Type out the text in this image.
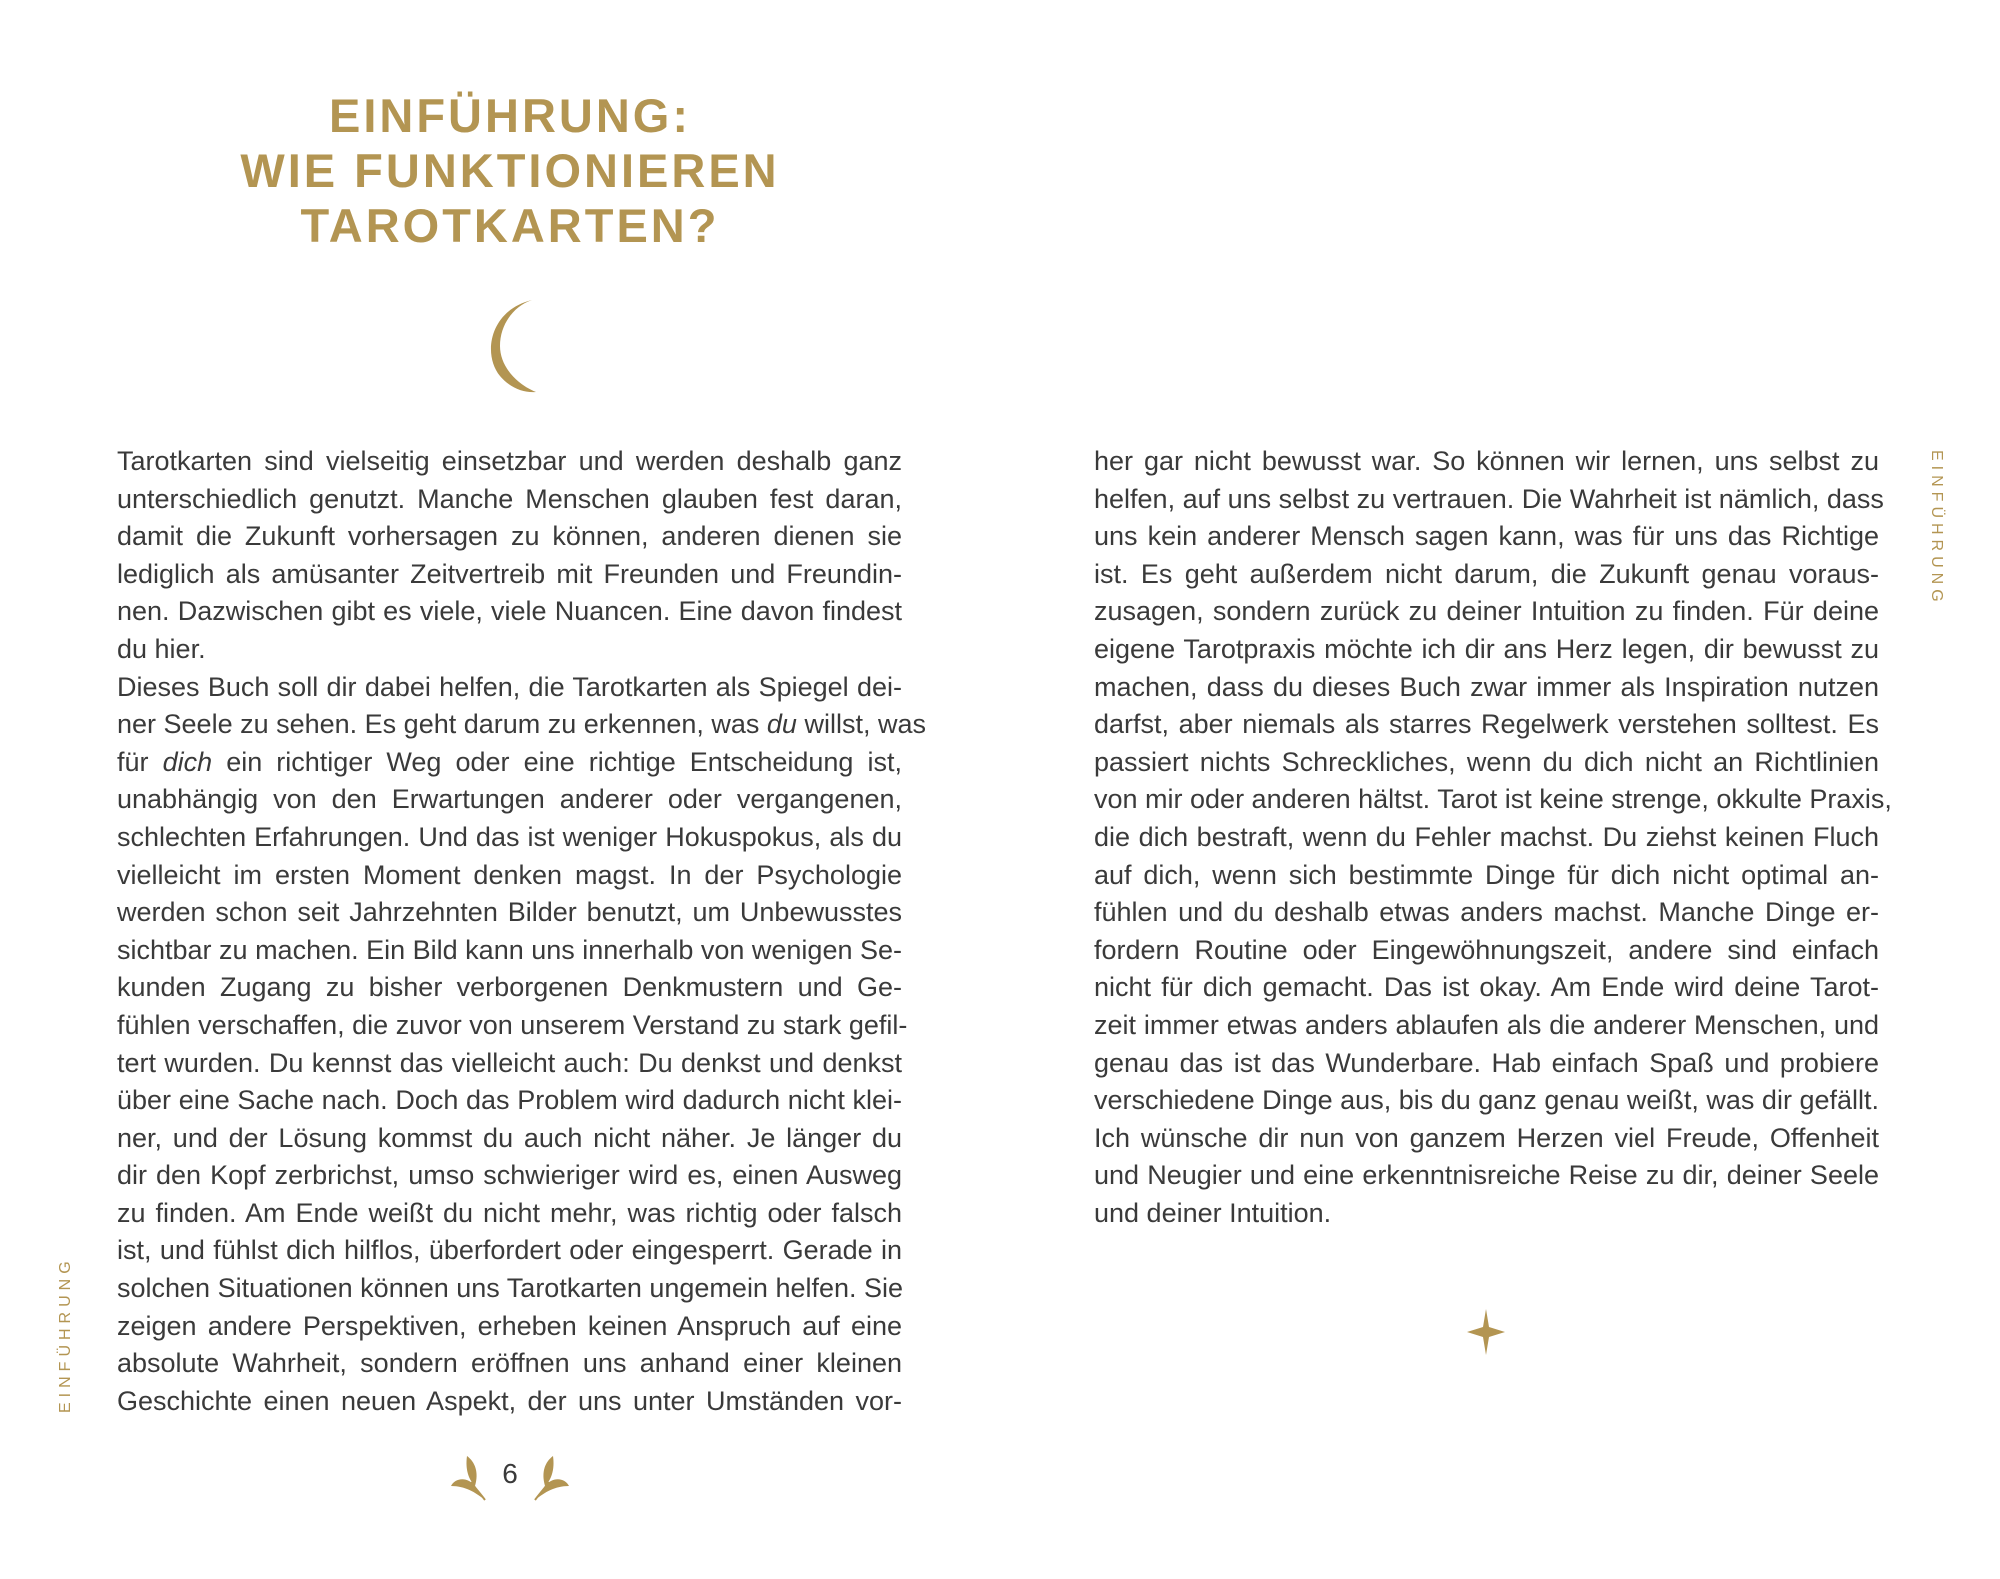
EINFÜHRUNG:
WIE FUNKTIONIEREN
TAROTKARTEN?
Tarotkarten sind vielseitig einsetzbar und werden deshalb ganz
unterschiedlich genutzt. Manche Menschen glauben fest daran,
damit die Zukunft vorhersagen zu können, anderen dienen sie
lediglich als amüsanter Zeitvertreib mit Freunden und Freundin-
nen. Dazwischen gibt es viele, viele Nuancen. Eine davon findest
du hier.
Dieses Buch soll dir dabei helfen, die Tarotkarten als Spiegel dei-
ner Seele zu sehen. Es geht darum zu erkennen, was du willst, was
für dich ein richtiger Weg oder eine richtige Entscheidung ist,
unabhängig von den Erwartungen anderer oder vergangenen,
schlechten Erfahrungen. Und das ist weniger Hokuspokus, als du
vielleicht im ersten Moment denken magst. In der Psychologie
werden schon seit Jahrzehnten Bilder benutzt, um Unbewusstes
sichtbar zu machen. Ein Bild kann uns innerhalb von wenigen Se-
kunden Zugang zu bisher verborgenen Denkmustern und Ge-
fühlen verschaffen, die zuvor von unserem Verstand zu stark gefil-
tert wurden. Du kennst das vielleicht auch: Du denkst und denkst
über eine Sache nach. Doch das Problem wird dadurch nicht klei-
ner, und der Lösung kommst du auch nicht näher. Je länger du
dir den Kopf zerbrichst, umso schwieriger wird es, einen Ausweg
zu finden. Am Ende weißt du nicht mehr, was richtig oder falsch
ist, und fühlst dich hilflos, überfordert oder eingesperrt. Gerade in
solchen Situationen können uns Tarotkarten ungemein helfen. Sie
zeigen andere Perspektiven, erheben keinen Anspruch auf eine
absolute Wahrheit, sondern eröffnen uns anhand einer kleinen
Geschichte einen neuen Aspekt, der uns unter Umständen vor-
EINFÜHRUNG
6
her gar nicht bewusst war. So können wir lernen, uns selbst zu
helfen, auf uns selbst zu vertrauen. Die Wahrheit ist nämlich, dass
uns kein anderer Mensch sagen kann, was für uns das Richtige
ist. Es geht außerdem nicht darum, die Zukunft genau voraus-
zusagen, sondern zurück zu deiner Intuition zu finden. Für deine
eigene Tarotpraxis möchte ich dir ans Herz legen, dir bewusst zu
machen, dass du dieses Buch zwar immer als Inspiration nutzen
darfst, aber niemals als starres Regelwerk verstehen solltest. Es
passiert nichts Schreckliches, wenn du dich nicht an Richtlinien
von mir oder anderen hältst. Tarot ist keine strenge, okkulte Praxis,
die dich bestraft, wenn du Fehler machst. Du ziehst keinen Fluch
auf dich, wenn sich bestimmte Dinge für dich nicht optimal an-
fühlen und du deshalb etwas anders machst. Manche Dinge er-
fordern Routine oder Eingewöhnungszeit, andere sind einfach
nicht für dich gemacht. Das ist okay. Am Ende wird deine Tarot-
zeit immer etwas anders ablaufen als die anderer Menschen, und
genau das ist das Wunderbare. Hab einfach Spaß und probiere
verschiedene Dinge aus, bis du ganz genau weißt, was dir gefällt.
Ich wünsche dir nun von ganzem Herzen viel Freude, Offenheit
und Neugier und eine erkenntnisreiche Reise zu dir, deiner Seele
und deiner Intuition.
EINFÜHRUNG
